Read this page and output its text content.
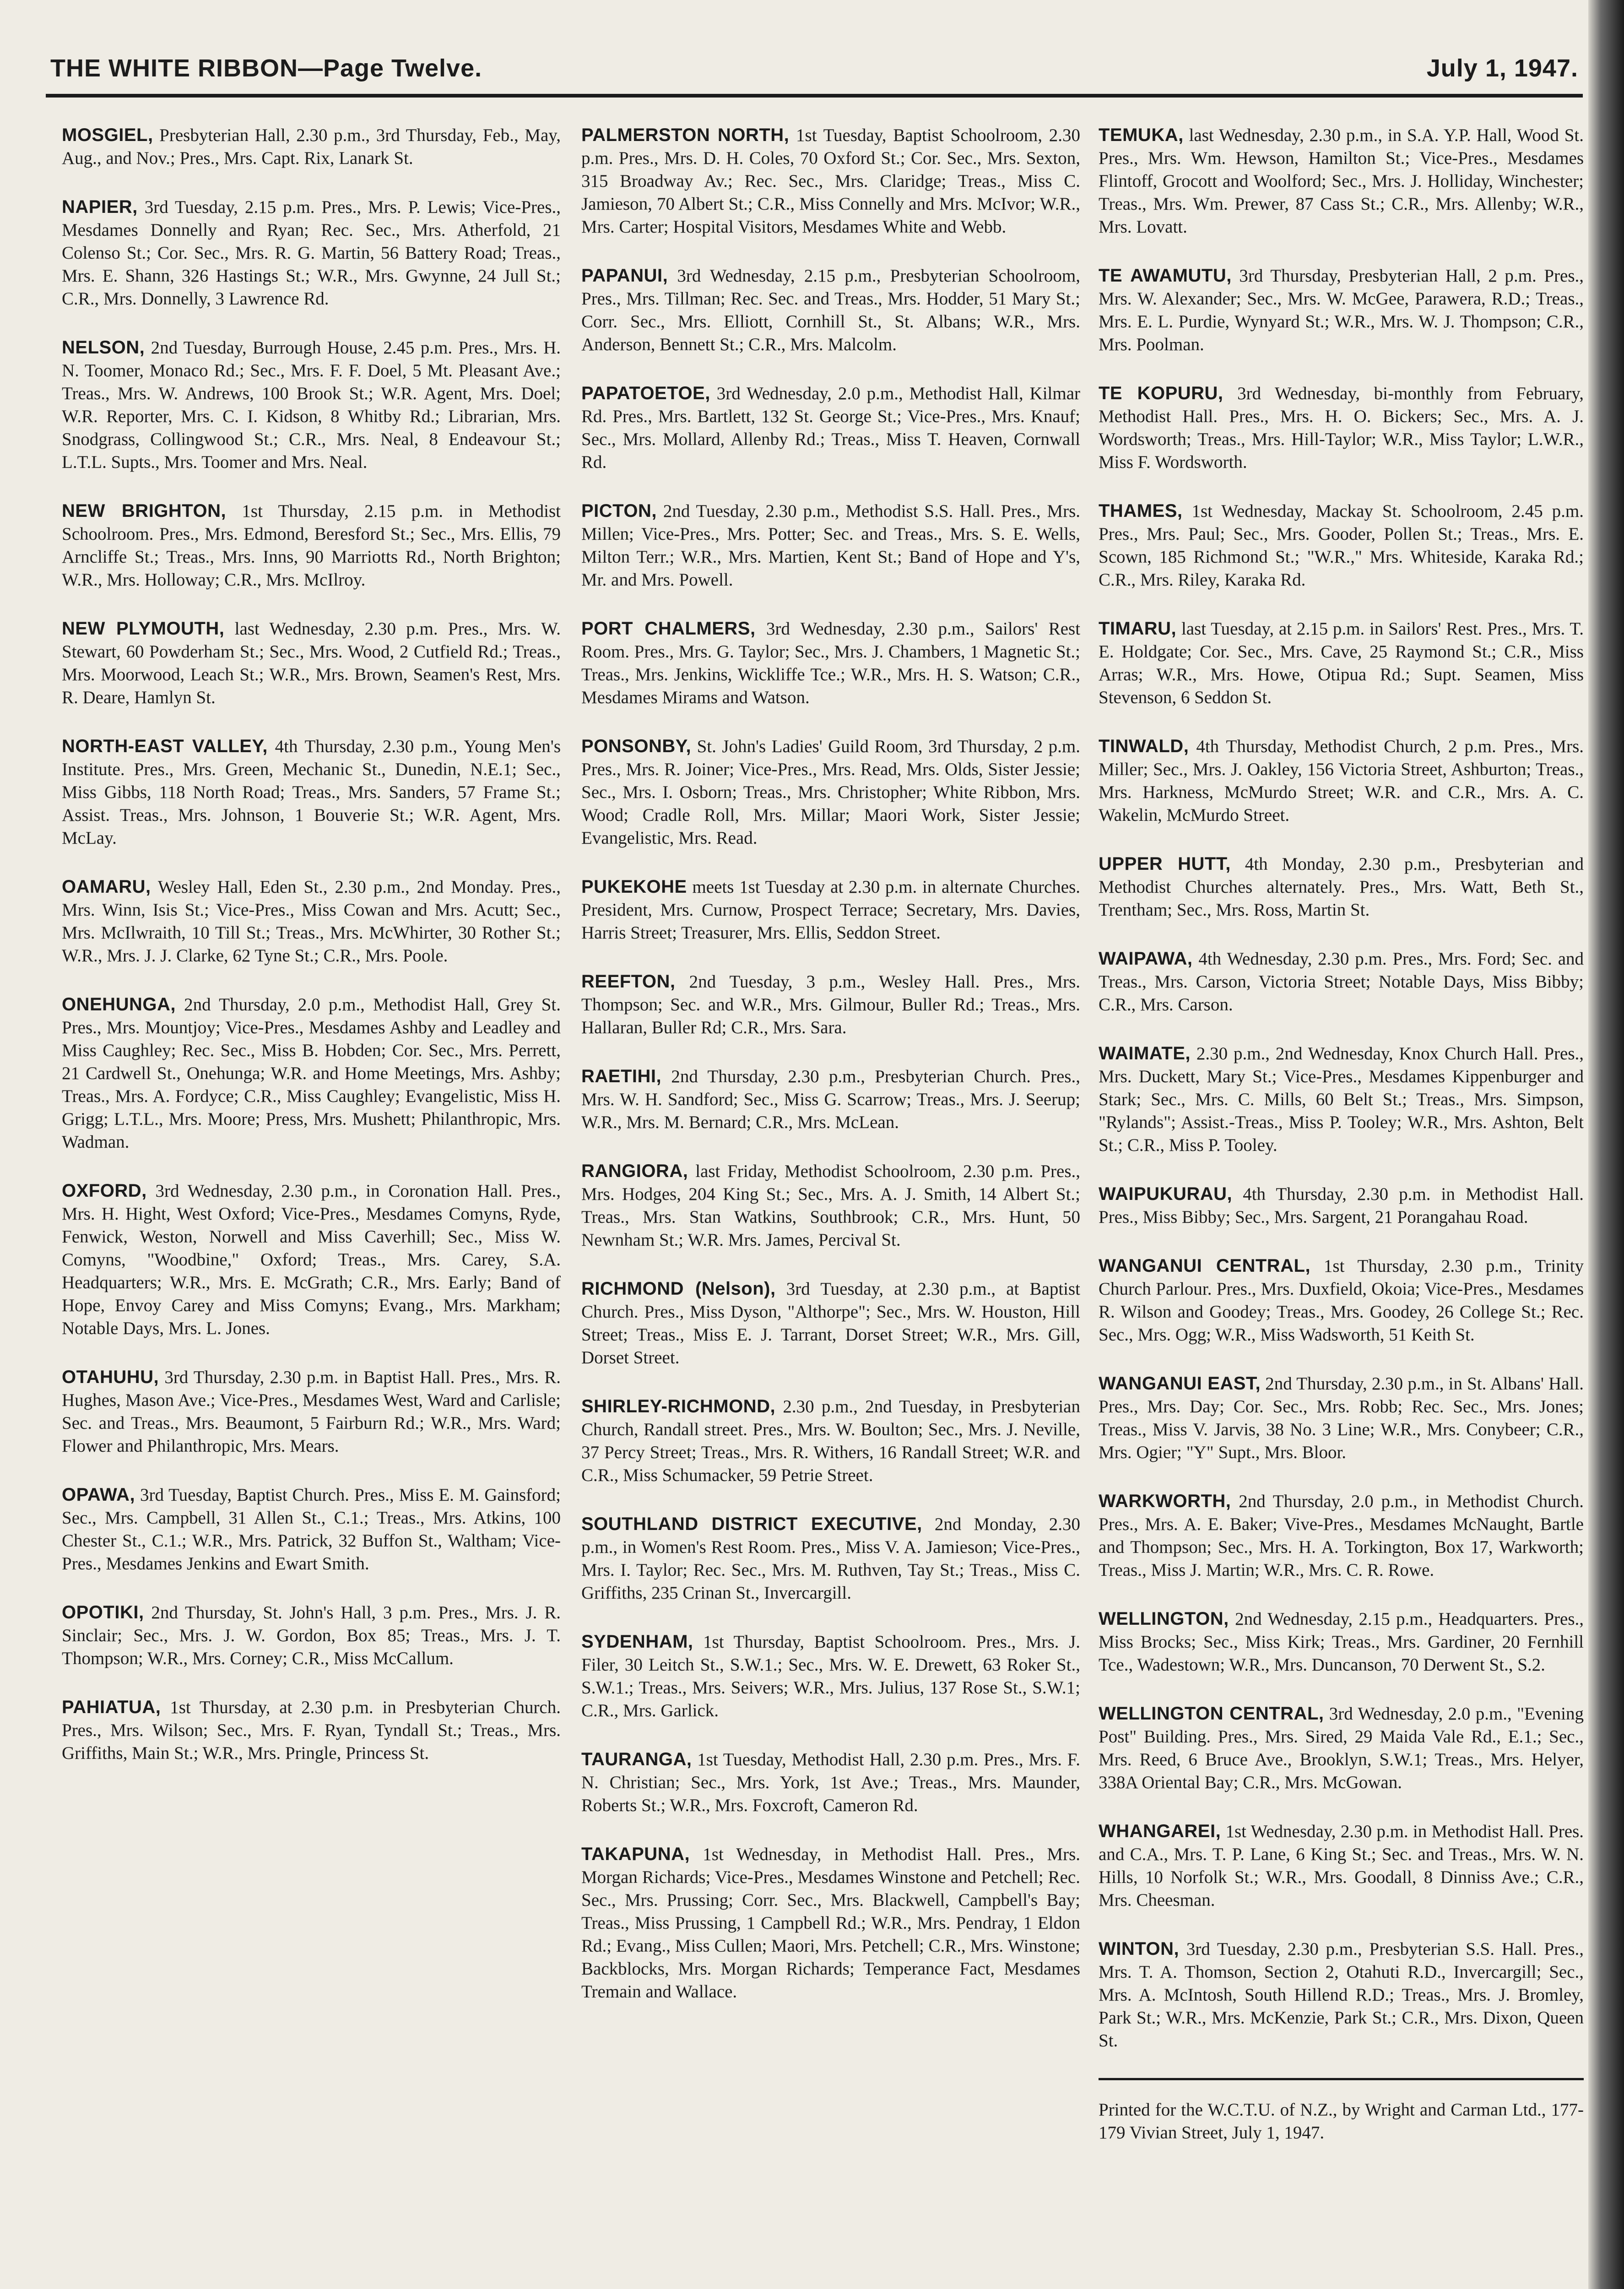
THE WHITE RIBBON—Page Twelve.	July 1, 1947.

MOSGIEL, Presbyterian Hall, 2.30 p.m., 3rd Thursday, Feb., May, Aug., and Nov.; Pres., Mrs. Capt. Rix, Lanark St.

NAPIER, 3rd Tuesday, 2.15 p.m. Pres., Mrs. P. Lewis; Vice-Pres., Mesdames Donnelly and Ryan; Rec. Sec., Mrs. Atherfold, 21 Colenso St.; Cor. Sec., Mrs. R. G. Martin, 56 Battery Road; Treas., Mrs. E. Shann, 326 Hastings St.; W.R., Mrs. Gwynne, 24 Jull St.; C.R., Mrs. Donnelly, 3 Lawrence Rd.

NELSON, 2nd Tuesday, Burrough House, 2.45 p.m. Pres., Mrs. H. N. Toomer, Monaco Rd.; Sec., Mrs. F. F. Doel, 5 Mt. Pleasant Ave.; Treas., Mrs. W. Andrews, 100 Brook St.; W.R. Agent, Mrs. Doel; W.R. Reporter, Mrs. C. I. Kidson, 8 Whitby Rd.; Librarian, Mrs. Snodgrass, Collingwood St.; C.R., Mrs. Neal, 8 Endeavour St.; L.T.L. Supts., Mrs. Toomer and Mrs. Neal.

NEW BRIGHTON, 1st Thursday, 2.15 p.m. in Methodist Schoolroom. Pres., Mrs. Edmond, Beresford St.; Sec., Mrs. Ellis, 79 Arncliffe St.; Treas., Mrs. Inns, 90 Marriotts Rd., North Brighton; W.R., Mrs. Holloway; C.R., Mrs. McIlroy.

NEW PLYMOUTH, last Wednesday, 2.30 p.m. Pres., Mrs. W. Stewart, 60 Powderham St.; Sec., Mrs. Wood, 2 Cutfield Rd.; Treas., Mrs. Moorwood, Leach St.; W.R., Mrs. Brown, Seamen's Rest, Mrs. R. Deare, Hamlyn St.

NORTH-EAST VALLEY, 4th Thursday, 2.30 p.m., Young Men's Institute. Pres., Mrs. Green, Mechanic St., Dunedin, N.E.1; Sec., Miss Gibbs, 118 North Road; Treas., Mrs. Sanders, 57 Frame St.; Assist. Treas., Mrs. Johnson, 1 Bouverie St.; W.R. Agent, Mrs. McLay.

OAMARU, Wesley Hall, Eden St., 2.30 p.m., 2nd Monday. Pres., Mrs. Winn, Isis St.; Vice-Pres., Miss Cowan and Mrs. Acutt; Sec., Mrs. McIlwraith, 10 Till St.; Treas., Mrs. McWhirter, 30 Rother St.; W.R., Mrs. J. J. Clarke, 62 Tyne St.; C.R., Mrs. Poole.

ONEHUNGA, 2nd Thursday, 2.0 p.m., Methodist Hall, Grey St. Pres., Mrs. Mountjoy; Vice-Pres., Mesdames Ashby and Leadley and Miss Caughley; Rec. Sec., Miss B. Hobden; Cor. Sec., Mrs. Perrett, 21 Cardwell St., Onehunga; W.R. and Home Meetings, Mrs. Ashby; Treas., Mrs. A. Fordyce; C.R., Miss Caughley; Evangelistic, Miss H. Grigg; L.T.L., Mrs. Moore; Press, Mrs. Mushett; Philanthropic, Mrs. Wadman.

OXFORD, 3rd Wednesday, 2.30 p.m., in Coronation Hall. Pres., Mrs. H. Hight, West Oxford; Vice-Pres., Mesdames Comyns, Ryde, Fenwick, Weston, Norwell and Miss Caverhill; Sec., Miss W. Comyns, "Woodbine," Oxford; Treas., Mrs. Carey, S.A. Headquarters; W.R., Mrs. E. McGrath; C.R., Mrs. Early; Band of Hope, Envoy Carey and Miss Comyns; Evang., Mrs. Markham; Notable Days, Mrs. L. Jones.

OTAHUHU, 3rd Thursday, 2.30 p.m. in Baptist Hall. Pres., Mrs. R. Hughes, Mason Ave.; Vice-Pres., Mesdames West, Ward and Carlisle; Sec. and Treas., Mrs. Beaumont, 5 Fairburn Rd.; W.R., Mrs. Ward; Flower and Philanthropic, Mrs. Mears.

OPAWA, 3rd Tuesday, Baptist Church. Pres., Miss E. M. Gainsford; Sec., Mrs. Campbell, 31 Allen St., C.1.; Treas., Mrs. Atkins, 100 Chester St., C.1.; W.R., Mrs. Patrick, 32 Buffon St., Waltham; Vice-Pres., Mesdames Jenkins and Ewart Smith.

OPOTIKI, 2nd Thursday, St. John's Hall, 3 p.m. Pres., Mrs. J. R. Sinclair; Sec., Mrs. J. W. Gordon, Box 85; Treas., Mrs. J. T. Thompson; W.R., Mrs. Corney; C.R., Miss McCallum.

PAHIATUA, 1st Thursday, at 2.30 p.m. in Presbyterian Church. Pres., Mrs. Wilson; Sec., Mrs. F. Ryan, Tyndall St.; Treas., Mrs. Griffiths, Main St.; W.R., Mrs. Pringle, Princess St.

PALMERSTON NORTH, 1st Tuesday, Baptist Schoolroom, 2.30 p.m. Pres., Mrs. D. H. Coles, 70 Oxford St.; Cor. Sec., Mrs. Sexton, 315 Broadway Av.; Rec. Sec., Mrs. Claridge; Treas., Miss C. Jamieson, 70 Albert St.; C.R., Miss Connelly and Mrs. McIvor; W.R., Mrs. Carter; Hospital Visitors, Mesdames White and Webb.

PAPANUI, 3rd Wednesday, 2.15 p.m., Presbyterian Schoolroom, Pres., Mrs. Tillman; Rec. Sec. and Treas., Mrs. Hodder, 51 Mary St.; Corr. Sec., Mrs. Elliott, Cornhill St., St. Albans; W.R., Mrs. Anderson, Bennett St.; C.R., Mrs. Malcolm.

PAPATOETOE, 3rd Wednesday, 2.0 p.m., Methodist Hall, Kilmar Rd. Pres., Mrs. Bartlett, 132 St. George St.; Vice-Pres., Mrs. Knauf; Sec., Mrs. Mollard, Allenby Rd.; Treas., Miss T. Heaven, Cornwall Rd.

PICTON, 2nd Tuesday, 2.30 p.m., Methodist S.S. Hall. Pres., Mrs. Millen; Vice-Pres., Mrs. Potter; Sec. and Treas., Mrs. S. E. Wells, Milton Terr.; W.R., Mrs. Martien, Kent St.; Band of Hope and Y's, Mr. and Mrs. Powell.

PORT CHALMERS, 3rd Wednesday, 2.30 p.m., Sailors' Rest Room. Pres., Mrs. G. Taylor; Sec., Mrs. J. Chambers, 1 Magnetic St.; Treas., Mrs. Jenkins, Wickliffe Tce.; W.R., Mrs. H. S. Watson; C.R., Mesdames Mirams and Watson.

PONSONBY, St. John's Ladies' Guild Room, 3rd Thursday, 2 p.m. Pres., Mrs. R. Joiner; Vice-Pres., Mrs. Read, Mrs. Olds, Sister Jessie; Sec., Mrs. I. Osborn; Treas., Mrs. Christopher; White Ribbon, Mrs. Wood; Cradle Roll, Mrs. Millar; Maori Work, Sister Jessie; Evangelistic, Mrs. Read.

PUKEKOHE meets 1st Tuesday at 2.30 p.m. in alternate Churches. President, Mrs. Curnow, Prospect Terrace; Secretary, Mrs. Davies, Harris Street; Treasurer, Mrs. Ellis, Seddon Street.

REEFTON, 2nd Tuesday, 3 p.m., Wesley Hall. Pres., Mrs. Thompson; Sec. and W.R., Mrs. Gilmour, Buller Rd.; Treas., Mrs. Hallaran, Buller Rd; C.R., Mrs. Sara.

RAETIHI, 2nd Thursday, 2.30 p.m., Presbyterian Church. Pres., Mrs. W. H. Sandford; Sec., Miss G. Scarrow; Treas., Mrs. J. Seerup; W.R., Mrs. M. Bernard; C.R., Mrs. McLean.

RANGIORA, last Friday, Methodist Schoolroom, 2.30 p.m. Pres., Mrs. Hodges, 204 King St.; Sec., Mrs. A. J. Smith, 14 Albert St.; Treas., Mrs. Stan Watkins, Southbrook; C.R., Mrs. Hunt, 50 Newnham St.; W.R. Mrs. James, Percival St.

RICHMOND (Nelson), 3rd Tuesday, at 2.30 p.m., at Baptist Church. Pres., Miss Dyson, "Althorpe"; Sec., Mrs. W. Houston, Hill Street; Treas., Miss E. J. Tarrant, Dorset Street; W.R., Mrs. Gill, Dorset Street.

SHIRLEY-RICHMOND, 2.30 p.m., 2nd Tuesday, in Presbyterian Church, Randall street. Pres., Mrs. W. Boulton; Sec., Mrs. J. Neville, 37 Percy Street; Treas., Mrs. R. Withers, 16 Randall Street; W.R. and C.R., Miss Schumacker, 59 Petrie Street.

SOUTHLAND DISTRICT EXECUTIVE, 2nd Monday, 2.30 p.m., in Women's Rest Room. Pres., Miss V. A. Jamieson; Vice-Pres., Mrs. I. Taylor; Rec. Sec., Mrs. M. Ruthven, Tay St.; Treas., Miss C. Griffiths, 235 Crinan St., Invercargill.

SYDENHAM, 1st Thursday, Baptist Schoolroom. Pres., Mrs. J. Filer, 30 Leitch St., S.W.1.; Sec., Mrs. W. E. Drewett, 63 Roker St., S.W.1.; Treas., Mrs. Seivers; W.R., Mrs. Julius, 137 Rose St., S.W.1; C.R., Mrs. Garlick.

TAURANGA, 1st Tuesday, Methodist Hall, 2.30 p.m. Pres., Mrs. F. N. Christian; Sec., Mrs. York, 1st Ave.; Treas., Mrs. Maunder, Roberts St.; W.R., Mrs. Foxcroft, Cameron Rd.

TAKAPUNA, 1st Wednesday, in Methodist Hall. Pres., Mrs. Morgan Richards; Vice-Pres., Mesdames Winstone and Petchell; Rec. Sec., Mrs. Prussing; Corr. Sec., Mrs. Blackwell, Campbell's Bay; Treas., Miss Prussing, 1 Campbell Rd.; W.R., Mrs. Pendray, 1 Eldon Rd.; Evang., Miss Cullen; Maori, Mrs. Petchell; C.R., Mrs. Winstone; Backblocks, Mrs. Morgan Richards; Temperance Fact, Mesdames Tremain and Wallace.

TEMUKA, last Wednesday, 2.30 p.m., in S.A. Y.P. Hall, Wood St. Pres., Mrs. Wm. Hewson, Hamilton St.; Vice-Pres., Mesdames Flintoff, Grocott and Woolford; Sec., Mrs. J. Holliday, Winchester; Treas., Mrs. Wm. Prewer, 87 Cass St.; C.R., Mrs. Allenby; W.R., Mrs. Lovatt.

TE AWAMUTU, 3rd Thursday, Presbyterian Hall, 2 p.m. Pres., Mrs. W. Alexander; Sec., Mrs. W. McGee, Parawera, R.D.; Treas., Mrs. E. L. Purdie, Wynyard St.; W.R., Mrs. W. J. Thompson; C.R., Mrs. Poolman.

TE KOPURU, 3rd Wednesday, bi-monthly from February, Methodist Hall. Pres., Mrs. H. O. Bickers; Sec., Mrs. A. J. Wordsworth; Treas., Mrs. Hill-Taylor; W.R., Miss Taylor; L.W.R., Miss F. Wordsworth.

THAMES, 1st Wednesday, Mackay St. Schoolroom, 2.45 p.m. Pres., Mrs. Paul; Sec., Mrs. Gooder, Pollen St.; Treas., Mrs. E. Scown, 185 Richmond St.; "W.R.," Mrs. Whiteside, Karaka Rd.; C.R., Mrs. Riley, Karaka Rd.

TIMARU, last Tuesday, at 2.15 p.m. in Sailors' Rest. Pres., Mrs. T. E. Holdgate; Cor. Sec., Mrs. Cave, 25 Raymond St.; C.R., Miss Arras; W.R., Mrs. Howe, Otipua Rd.; Supt. Seamen, Miss Stevenson, 6 Seddon St.

TINWALD, 4th Thursday, Methodist Church, 2 p.m. Pres., Mrs. Miller; Sec., Mrs. J. Oakley, 156 Victoria Street, Ashburton; Treas., Mrs. Harkness, McMurdo Street; W.R. and C.R., Mrs. A. C. Wakelin, McMurdo Street.

UPPER HUTT, 4th Monday, 2.30 p.m., Presbyterian and Methodist Churches alternately. Pres., Mrs. Watt, Beth St., Trentham; Sec., Mrs. Ross, Martin St.

WAIPAWA, 4th Wednesday, 2.30 p.m. Pres., Mrs. Ford; Sec. and Treas., Mrs. Carson, Victoria Street; Notable Days, Miss Bibby; C.R., Mrs. Carson.

WAIMATE, 2.30 p.m., 2nd Wednesday, Knox Church Hall. Pres., Mrs. Duckett, Mary St.; Vice-Pres., Mesdames Kippenburger and Stark; Sec., Mrs. C. Mills, 60 Belt St.; Treas., Mrs. Simpson, "Rylands"; Assist.-Treas., Miss P. Tooley; W.R., Mrs. Ashton, Belt St.; C.R., Miss P. Tooley.

WAIPUKURAU, 4th Thursday, 2.30 p.m. in Methodist Hall. Pres., Miss Bibby; Sec., Mrs. Sargent, 21 Porangahau Road.

WANGANUI CENTRAL, 1st Thursday, 2.30 p.m., Trinity Church Parlour. Pres., Mrs. Duxfield, Okoia; Vice-Pres., Mesdames R. Wilson and Goodey; Treas., Mrs. Goodey, 26 College St.; Rec. Sec., Mrs. Ogg; W.R., Miss Wadsworth, 51 Keith St.

WANGANUI EAST, 2nd Thursday, 2.30 p.m., in St. Albans' Hall. Pres., Mrs. Day; Cor. Sec., Mrs. Robb; Rec. Sec., Mrs. Jones; Treas., Miss V. Jarvis, 38 No. 3 Line; W.R., Mrs. Conybeer; C.R., Mrs. Ogier; "Y" Supt., Mrs. Bloor.

WARKWORTH, 2nd Thursday, 2.0 p.m., in Methodist Church. Pres., Mrs. A. E. Baker; Vive-Pres., Mesdames McNaught, Bartle and Thompson; Sec., Mrs. H. A. Torkington, Box 17, Warkworth; Treas., Miss J. Martin; W.R., Mrs. C. R. Rowe.

WELLINGTON, 2nd Wednesday, 2.15 p.m., Headquarters. Pres., Miss Brocks; Sec., Miss Kirk; Treas., Mrs. Gardiner, 20 Fernhill Tce., Wadestown; W.R., Mrs. Duncanson, 70 Derwent St., S.2.

WELLINGTON CENTRAL, 3rd Wednesday, 2.0 p.m., "Evening Post" Building. Pres., Mrs. Sired, 29 Maida Vale Rd., E.1.; Sec., Mrs. Reed, 6 Bruce Ave., Brooklyn, S.W.1; Treas., Mrs. Helyer, 338A Oriental Bay; C.R., Mrs. McGowan.

WHANGAREI, 1st Wednesday, 2.30 p.m. in Methodist Hall. Pres. and C.A., Mrs. T. P. Lane, 6 King St.; Sec. and Treas., Mrs. W. N. Hills, 10 Norfolk St.; W.R., Mrs. Goodall, 8 Dinniss Ave.; C.R., Mrs. Cheesman.

WINTON, 3rd Tuesday, 2.30 p.m., Presbyterian S.S. Hall. Pres., Mrs. T. A. Thomson, Section 2, Otahuti R.D., Invercargill; Sec., Mrs. A. McIntosh, South Hillend R.D.; Treas., Mrs. J. Bromley, Park St.; W.R., Mrs. McKenzie, Park St.; C.R., Mrs. Dixon, Queen St.

Printed for the W.C.T.U. of N.Z., by Wright and Carman Ltd., 177-179 Vivian Street, July 1, 1947.
